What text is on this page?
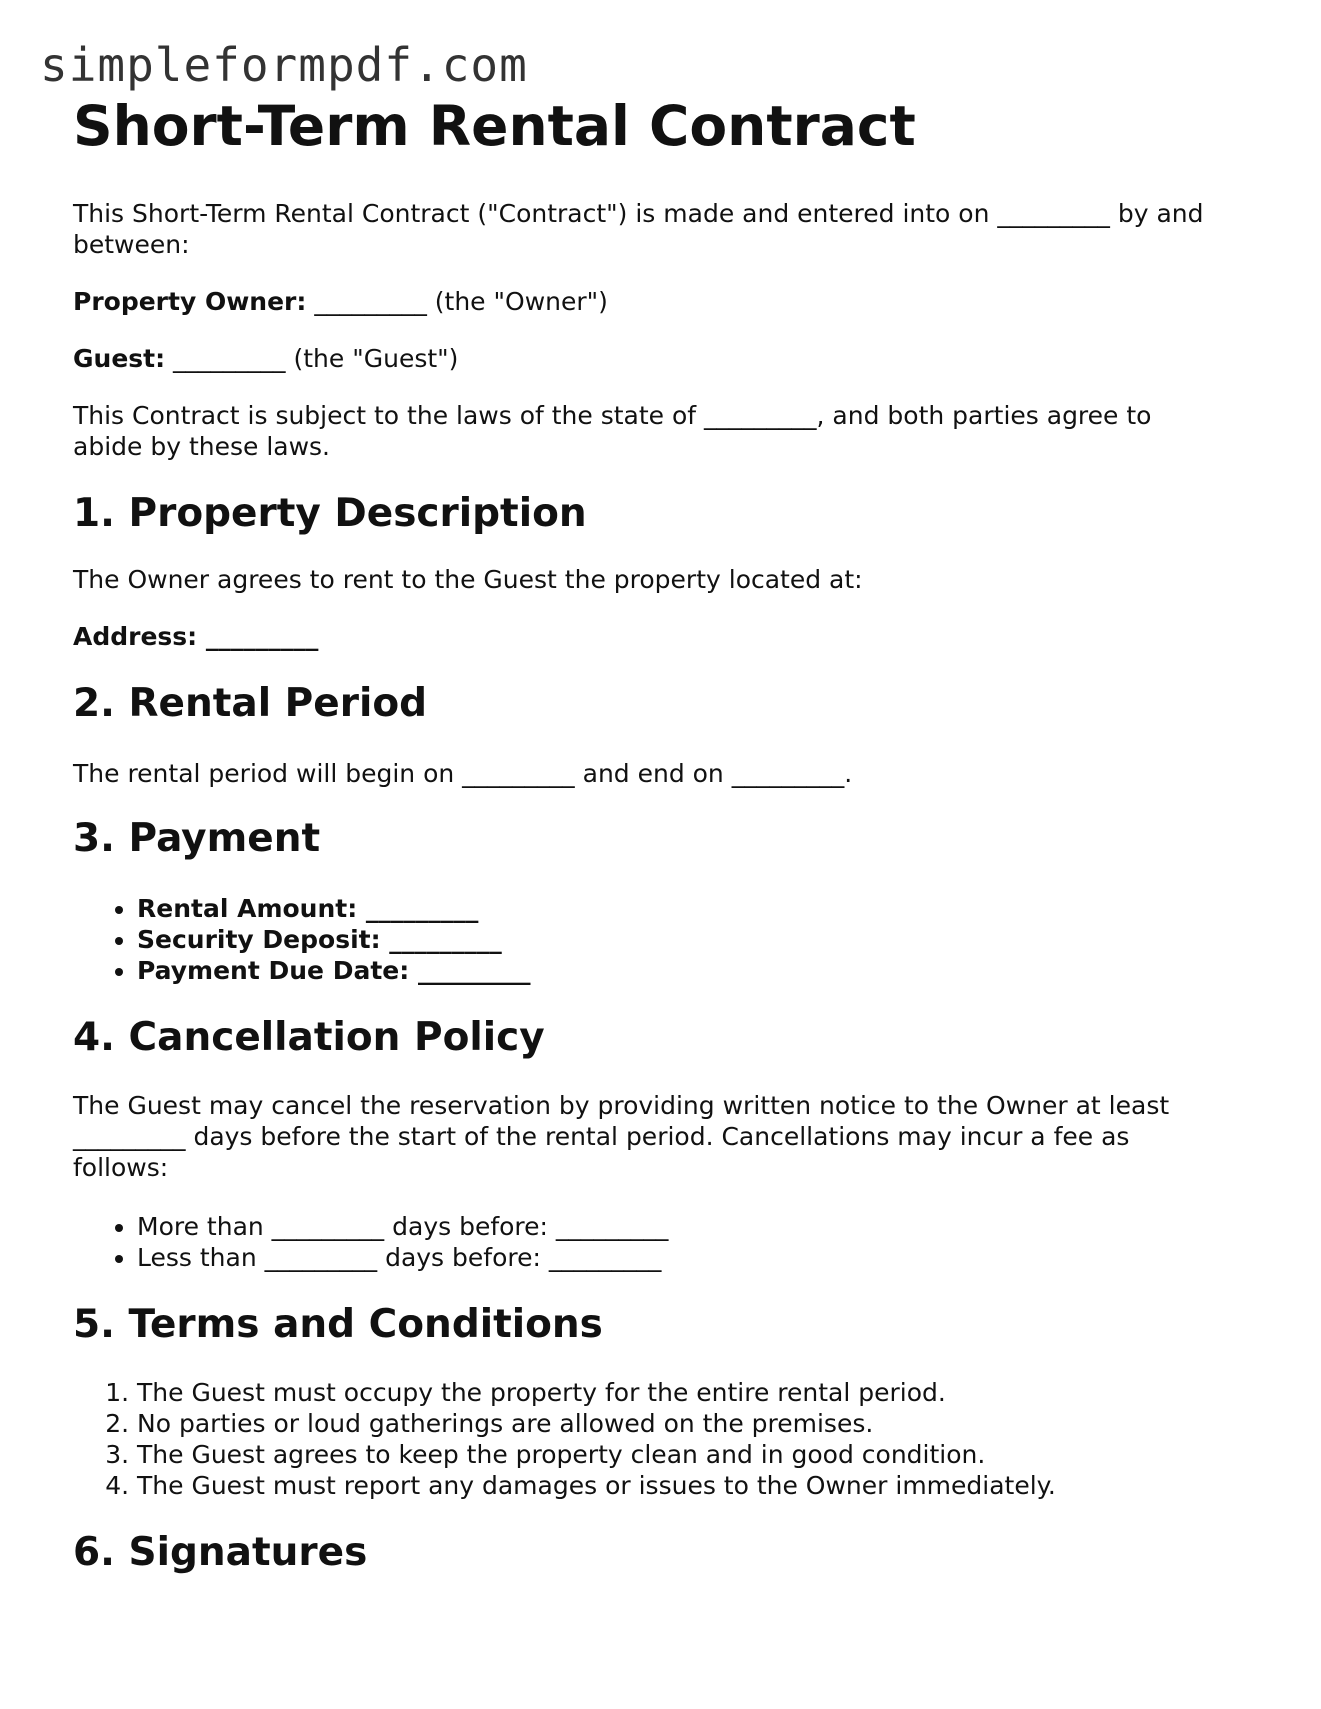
simpleformpdf.com
Short-Term Rental Contract

This Short-Term Rental Contract ("Contract") is made and entered into on _________ by and between:

Property Owner: _________ (the "Owner")

Guest: _________ (the "Guest")

This Contract is subject to the laws of the state of _________, and both parties agree to abide by these laws.

1. Property Description

The Owner agrees to rent to the Guest the property located at:

Address: _________

2. Rental Period

The rental period will begin on _________ and end on _________.

3. Payment
• Rental Amount: _________
• Security Deposit: _________
• Payment Due Date: _________
4. Cancellation Policy

The Guest may cancel the reservation by providing written notice to the Owner at least _________ days before the start of the rental period. Cancellations may incur a fee as follows:

• More than _________ days before: _________
• Less than _________ days before: _________
5. Terms and Conditions
1. The Guest must occupy the property for the entire rental period.
2. No parties or loud gatherings are allowed on the premises.
3. The Guest agrees to keep the property clean and in good condition.
4. The Guest must report any damages or issues to the Owner immediately.
6. Signatures
